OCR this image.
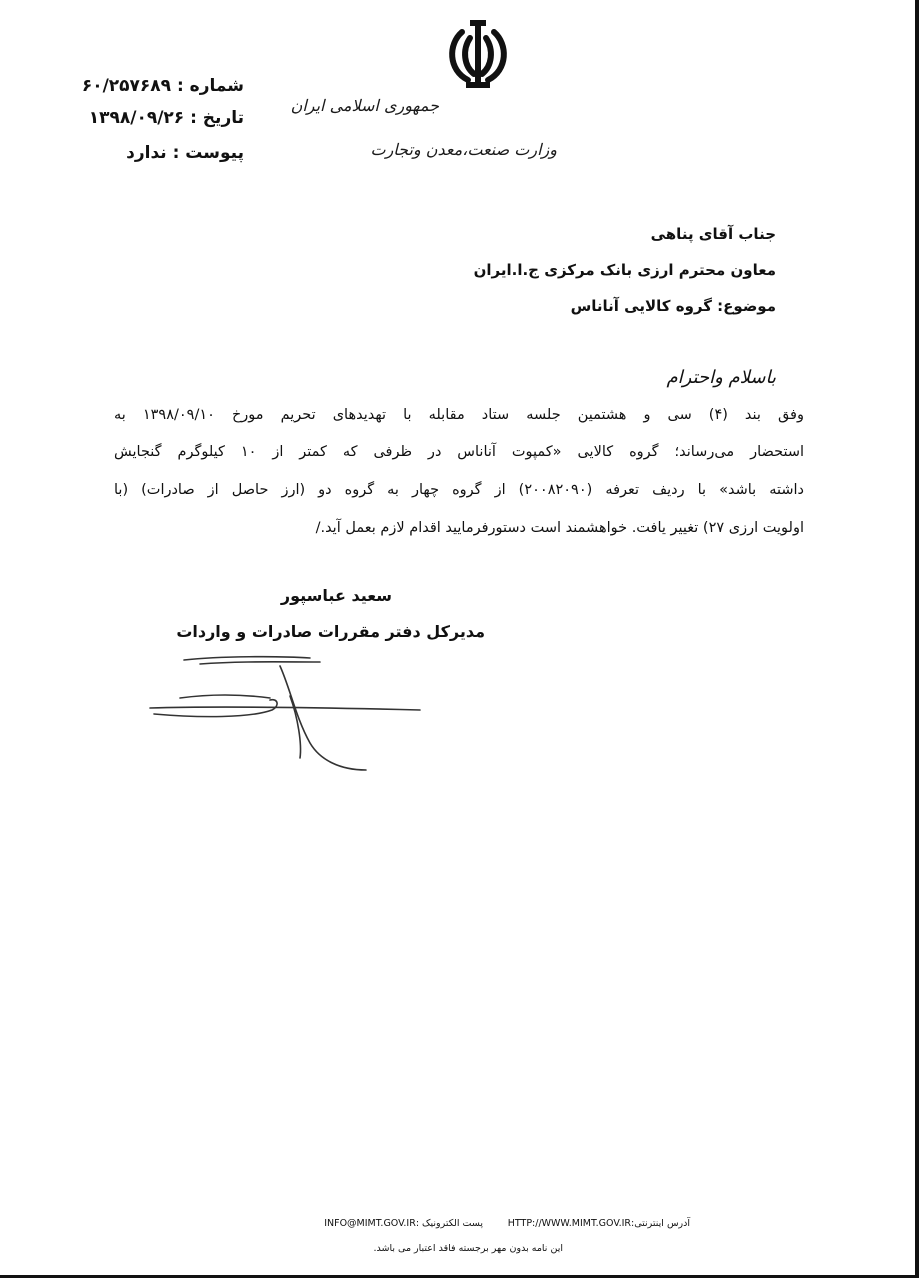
جمهوری اسلامی ایران
وزارت صنعت،معدن وتجارت
شماره : ۶۰/۲۵۷۶۸۹
تاریخ : ۱۳۹۸/۰۹/۲۶
پیوست : ندارد
جناب آقای پناهی
معاون محترم ارزی بانک مرکزی ج.ا.ایران
موضوع: گروه کالایی آناناس
باسلام واحترام
وفق بند (۴) سی و هشتمین جلسه ستاد مقابله با تهدیدهای تحریم مورخ ۱۳۹۸/۰۹/۱۰ به
استحضار می‌رساند؛ گروه کالایی «کمپوت آناناس در ظرفی که کمتر از ۱۰ کیلوگرم گنجایش
داشته باشد» با ردیف تعرفه (۲۰۰۸۲۰۹۰) از گروه چهار به گروه دو (ارز حاصل از صادرات) (با
اولویت ارزی ۲۷) تغییر یافت. خواهشمند است دستورفرمایید اقدام لازم بعمل آید./
سعید عباسپور
مدیرکل دفتر مقررات صادرات و واردات
آدرس اینترنتی:HTTP://WWW.MIMT.GOV.IR
پست الکترونیک :INFO@MIMT.GOV.IR
این نامه بدون مهر برجسته فاقد اعتبار می باشد.
